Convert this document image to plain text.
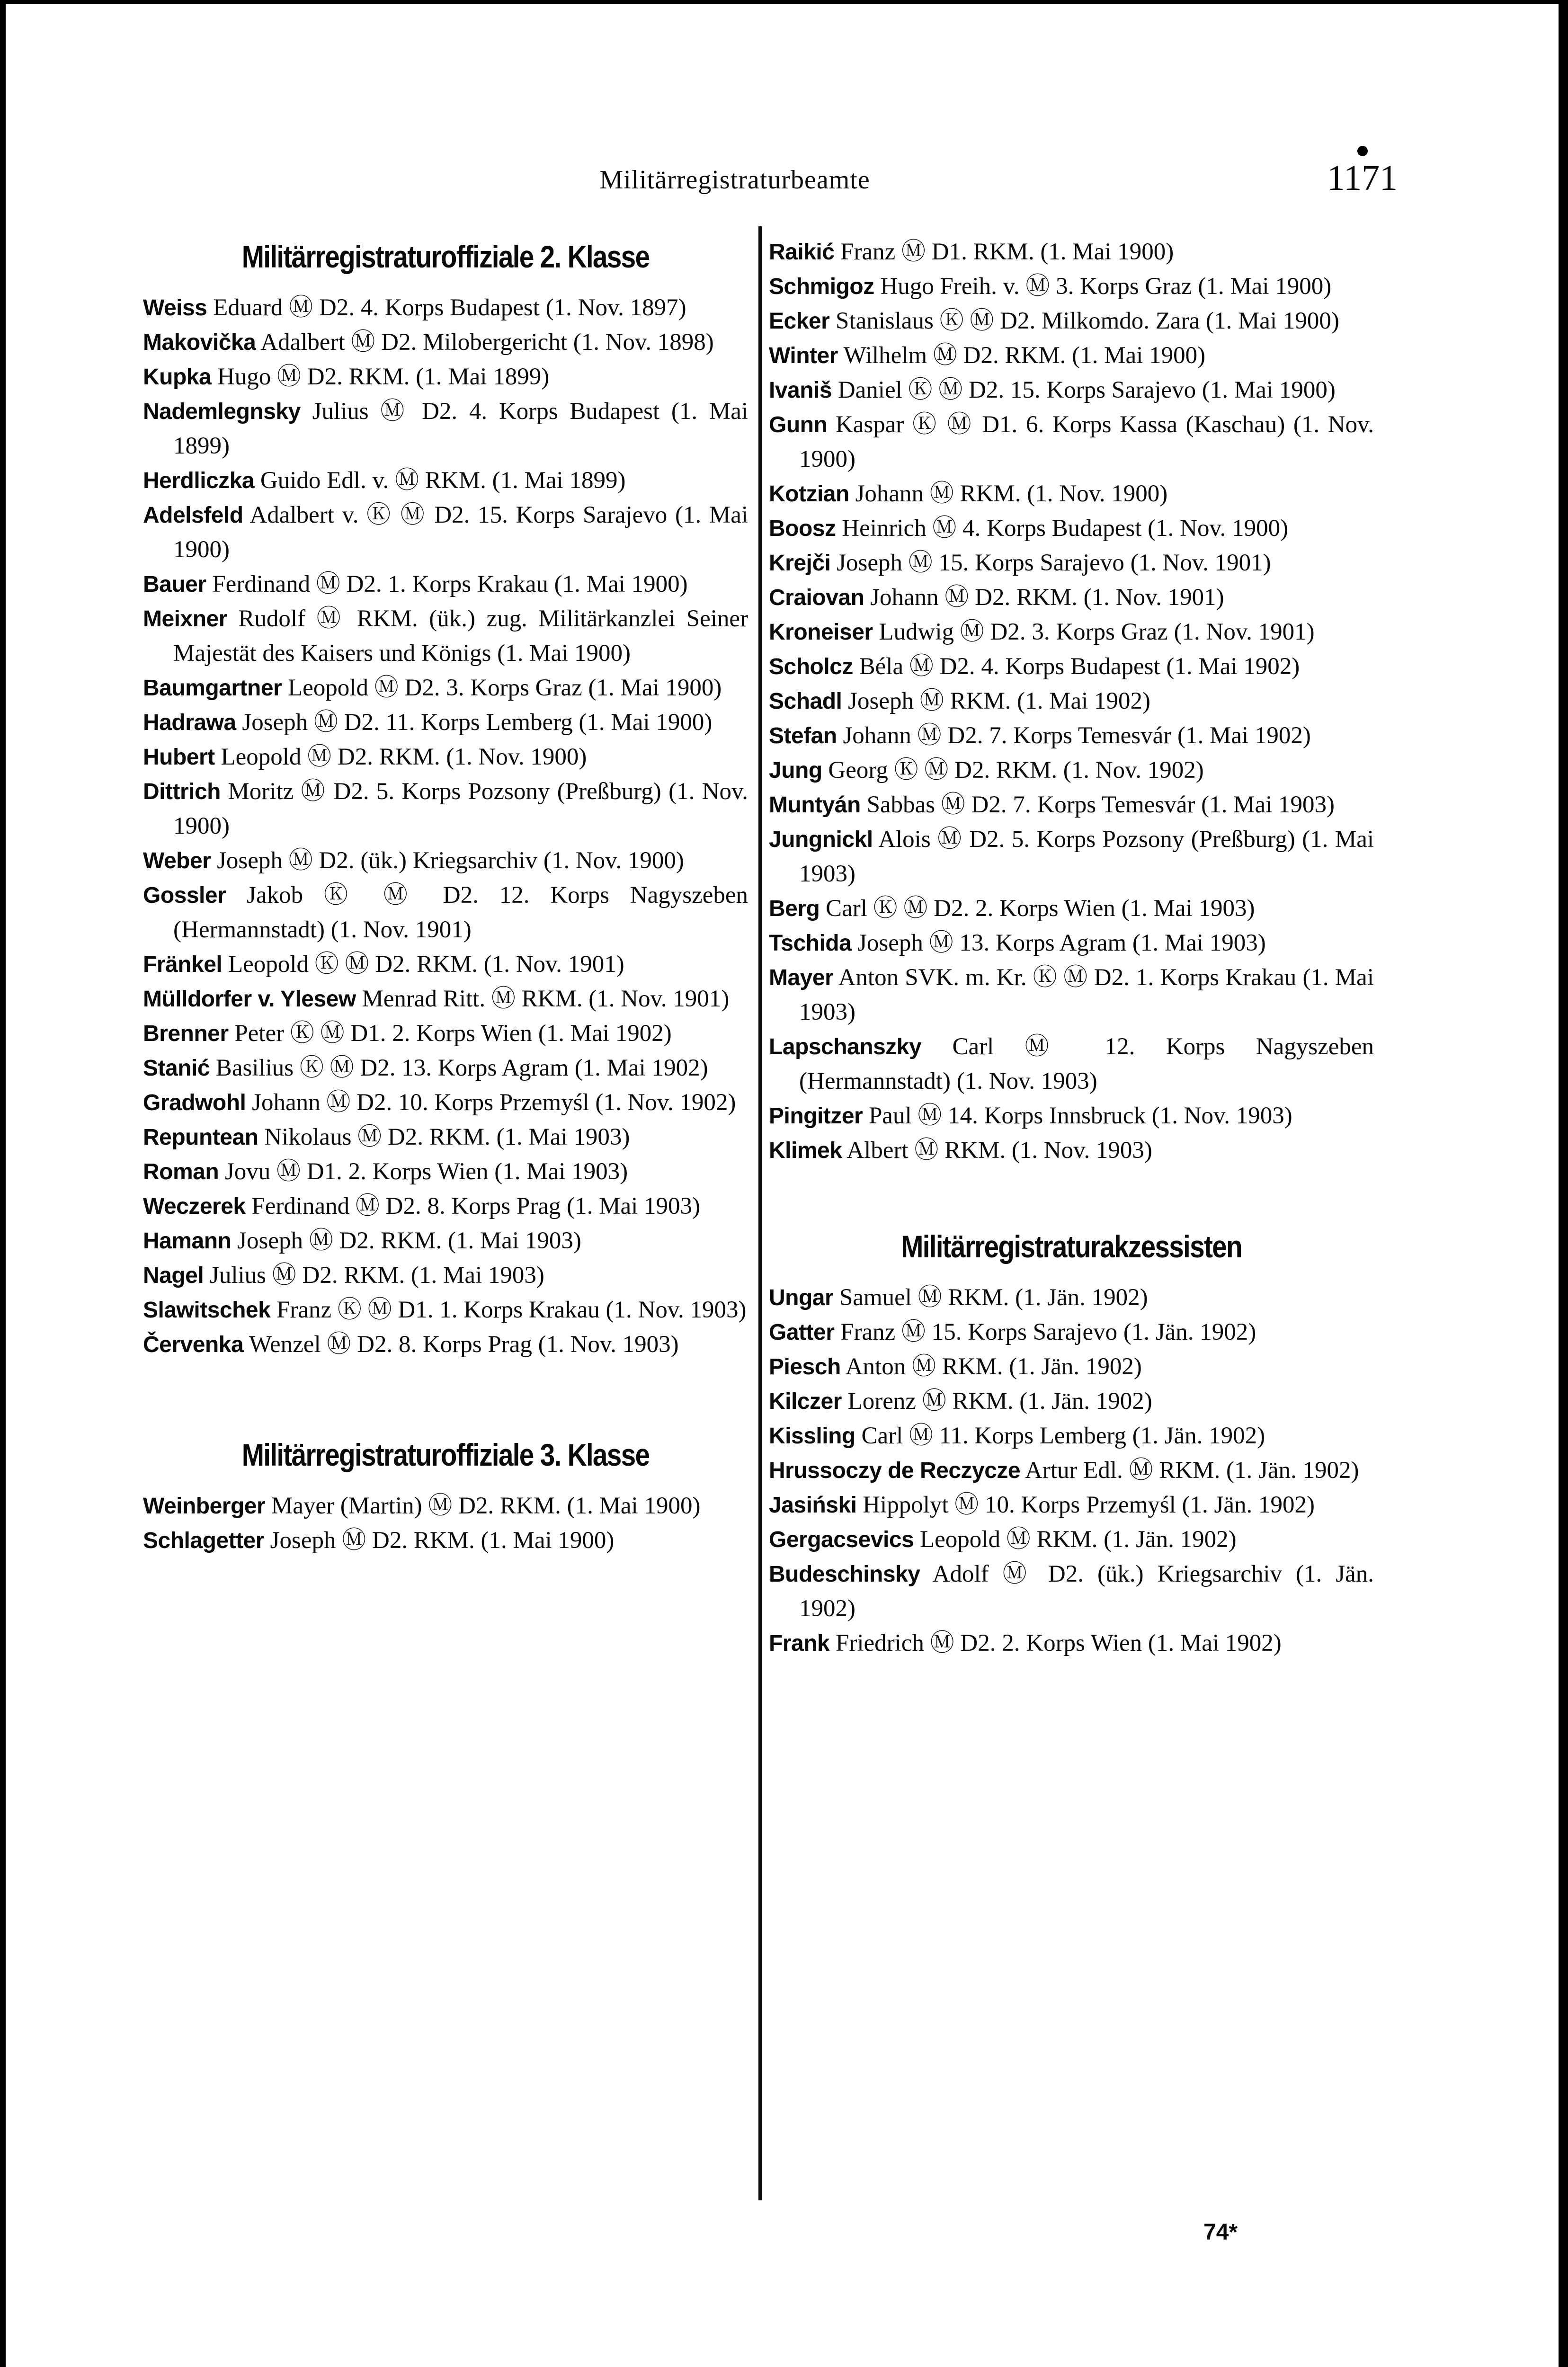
Militärregistraturbeamte	1171
Militärregistraturoffiziale 2. Klasse
Weiss Eduard Ⓜ D2. 4. Korps Budapest (1. Nov. 1897)
Makovička Adalbert Ⓜ D2. Milobergericht (1. Nov. 1898)
Kupka Hugo Ⓜ D2. RKM. (1. Mai 1899)
Nademlegnsky Julius Ⓜ D2. 4. Korps Budapest (1. Mai 1899)
Herdliczka Guido Edl. v. Ⓜ RKM. (1. Mai 1899)
Adelsfeld Adalbert v. Ⓚ Ⓜ D2. 15. Korps Sarajevo (1. Mai 1900)
Bauer Ferdinand Ⓜ D2. 1. Korps Krakau (1. Mai 1900)
Meixner Rudolf Ⓜ RKM. (ük.) zug. Militärkanzlei Seiner Majestät des Kaisers und Königs (1. Mai 1900)
Baumgartner Leopold Ⓜ D2. 3. Korps Graz (1. Mai 1900)
Hadrawa Joseph Ⓜ D2. 11. Korps Lemberg (1. Mai 1900)
Hubert Leopold Ⓜ D2. RKM. (1. Nov. 1900)
Dittrich Moritz Ⓜ D2. 5. Korps Pozsony (Preßburg) (1. Nov. 1900)
Weber Joseph Ⓜ D2. (ük.) Kriegsarchiv (1. Nov. 1900)
Gossler Jakob Ⓚ Ⓜ D2. 12. Korps Nagyszeben (Hermannstadt) (1. Nov. 1901)
Fränkel Leopold Ⓚ Ⓜ D2. RKM. (1. Nov. 1901)
Mülldorfer v. Ylesew Menrad Ritt. Ⓜ RKM. (1. Nov. 1901)
Brenner Peter Ⓚ Ⓜ D1. 2. Korps Wien (1. Mai 1902)
Stanić Basilius Ⓚ Ⓜ D2. 13. Korps Agram (1. Mai 1902)
Gradwohl Johann Ⓜ D2. 10. Korps Przemyśl (1. Nov. 1902)
Repuntean Nikolaus Ⓜ D2. RKM. (1. Mai 1903)
Roman Jovu Ⓜ D1. 2. Korps Wien (1. Mai 1903)
Weczerek Ferdinand Ⓜ D2. 8. Korps Prag (1. Mai 1903)
Hamann Joseph Ⓜ D2. RKM. (1. Mai 1903)
Nagel Julius Ⓜ D2. RKM. (1. Mai 1903)
Slawitschek Franz Ⓚ Ⓜ D1. 1. Korps Krakau (1. Nov. 1903)
Červenka Wenzel Ⓜ D2. 8. Korps Prag (1. Nov. 1903)
Militärregistraturoffiziale 3. Klasse
Weinberger Mayer (Martin) Ⓜ D2. RKM. (1. Mai 1900)
Schlagetter Joseph Ⓜ D2. RKM. (1. Mai 1900)
Raikić Franz Ⓜ D1. RKM. (1. Mai 1900)
Schmigoz Hugo Freih. v. Ⓜ 3. Korps Graz (1. Mai 1900)
Ecker Stanislaus Ⓚ Ⓜ D2. Milkomdo. Zara (1. Mai 1900)
Winter Wilhelm Ⓜ D2. RKM. (1. Mai 1900)
Ivaniš Daniel Ⓚ Ⓜ D2. 15. Korps Sarajevo (1. Mai 1900)
Gunn Kaspar Ⓚ Ⓜ D1. 6. Korps Kassa (Kaschau) (1. Nov. 1900)
Kotzian Johann Ⓜ RKM. (1. Nov. 1900)
Boosz Heinrich Ⓜ 4. Korps Budapest (1. Nov. 1900)
Krejči Joseph Ⓜ 15. Korps Sarajevo (1. Nov. 1901)
Craiovan Johann Ⓜ D2. RKM. (1. Nov. 1901)
Kroneiser Ludwig Ⓜ D2. 3. Korps Graz (1. Nov. 1901)
Scholcz Béla Ⓜ D2. 4. Korps Budapest (1. Mai 1902)
Schadl Joseph Ⓜ RKM. (1. Mai 1902)
Stefan Johann Ⓜ D2. 7. Korps Temesvár (1. Mai 1902)
Jung Georg Ⓚ Ⓜ D2. RKM. (1. Nov. 1902)
Muntyán Sabbas Ⓜ D2. 7. Korps Temesvár (1. Mai 1903)
Jungnickl Alois Ⓜ D2. 5. Korps Pozsony (Preßburg) (1. Mai 1903)
Berg Carl Ⓚ Ⓜ D2. 2. Korps Wien (1. Mai 1903)
Tschida Joseph Ⓜ 13. Korps Agram (1. Mai 1903)
Mayer Anton SVK. m. Kr. Ⓚ Ⓜ D2. 1. Korps Krakau (1. Mai 1903)
Lapschanszky Carl Ⓜ 12. Korps Nagyszeben (Hermannstadt) (1. Nov. 1903)
Pingitzer Paul Ⓜ 14. Korps Innsbruck (1. Nov. 1903)
Klimek Albert Ⓜ RKM. (1. Nov. 1903)
Militärregistraturakzessisten
Ungar Samuel Ⓜ RKM. (1. Jän. 1902)
Gatter Franz Ⓜ 15. Korps Sarajevo (1. Jän. 1902)
Piesch Anton Ⓜ RKM. (1. Jän. 1902)
Kilczer Lorenz Ⓜ RKM. (1. Jän. 1902)
Kissling Carl Ⓜ 11. Korps Lemberg (1. Jän. 1902)
Hrussoczy de Reczycze Artur Edl. Ⓜ RKM. (1. Jän. 1902)
Jasiński Hippolyt Ⓜ 10. Korps Przemyśl (1. Jän. 1902)
Gergacsevics Leopold Ⓜ RKM. (1. Jän. 1902)
Budeschinsky Adolf Ⓜ D2. (ük.) Kriegsarchiv (1. Jän. 1902)
Frank Friedrich Ⓜ D2. 2. Korps Wien (1. Mai 1902)
74*
